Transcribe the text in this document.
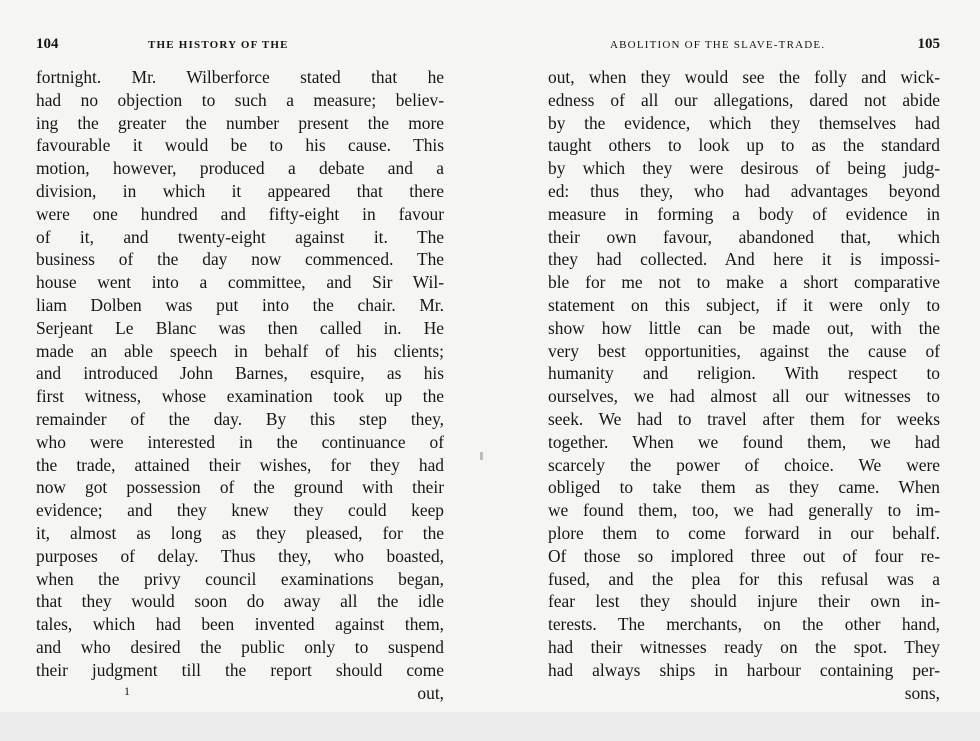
104	THE HISTORY OF THE
fortnight. Mr. Wilberforce stated that he
had no objection to such a measure; believ-
ing the greater the number present the more
favourable it would be to his cause. This
motion, however, produced a debate and a
division, in which it appeared that there
were one hundred and fifty-eight in favour
of it, and twenty-eight against it. The
business of the day now commenced. The
house went into a committee, and Sir Wil-
liam Dolben was put into the chair. Mr.
Serjeant Le Blanc was then called in. He
made an able speech in behalf of his clients;
and introduced John Barnes, esquire, as his
first witness, whose examination took up the
remainder of the day. By this step they,
who were interested in the continuance of
the trade, attained their wishes, for they had
now got possession of the ground with their
evidence; and they knew they could keep
it, almost as long as they pleased, for the
purposes of delay. Thus they, who boasted,
when the privy council examinations began,
that they would soon do away all the idle
tales, which had been invented against them,
and who desired the public only to suspend
their judgment till the report should come
1	out,
ABOLITION OF THE SLAVE-TRADE.	105
out, when they would see the folly and wick-
edness of all our allegations, dared not abide
by the evidence, which they themselves had
taught others to look up to as the standard
by which they were desirous of being judg-
ed: thus they, who had advantages beyond
measure in forming a body of evidence in
their own favour, abandoned that, which
they had collected. And here it is impossi-
ble for me not to make a short comparative
statement on this subject, if it were only to
show how little can be made out, with the
very best opportunities, against the cause of
humanity and religion. With respect to
ourselves, we had almost all our witnesses to
seek. We had to travel after them for weeks
together. When we found them, we had
scarcely the power of choice. We were
obliged to take them as they came. When
we found them, too, we had generally to im-
plore them to come forward in our behalf.
Of those so implored three out of four re-
fused, and the plea for this refusal was a
fear lest they should injure their own in-
terests. The merchants, on the other hand,
had their witnesses ready on the spot. They
had always ships in harbour containing per-
sons,
